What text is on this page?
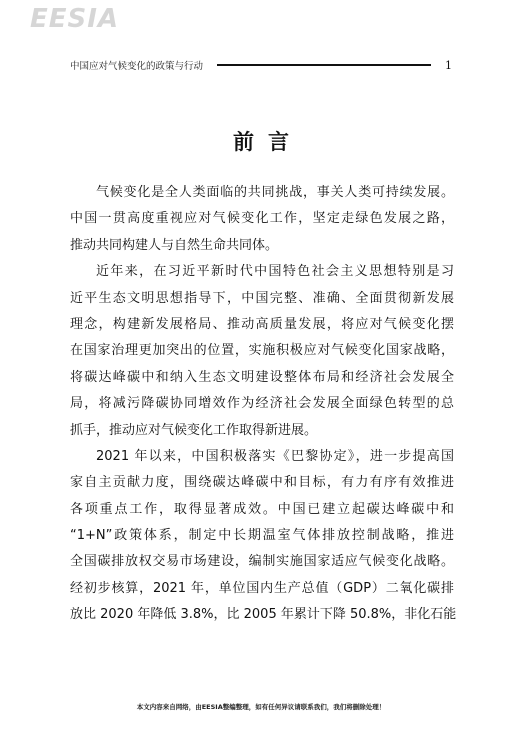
EESIA
中国应对气候变化的政策与行动	1
前言
气候变化是全人类面临的共同挑战，事关人类可持续发展。
中国一贯高度重视应对气候变化工作，坚定走绿色发展之路，
推动共同构建人与自然生命共同体。
近年来，在习近平新时代中国特色社会主义思想特别是习
近平生态文明思想指导下，中国完整、准确、全面贯彻新发展
理念，构建新发展格局、推动高质量发展，将应对气候变化摆
在国家治理更加突出的位置，实施积极应对气候变化国家战略，
将碳达峰碳中和纳入生态文明建设整体布局和经济社会发展全
局，将减污降碳协同增效作为经济社会发展全面绿色转型的总
抓手，推动应对气候变化工作取得新进展。
2021 年以来，中国积极落实《巴黎协定》，进一步提高国
家自主贡献力度，围绕碳达峰碳中和目标，有力有序有效推进
各项重点工作，取得显著成效。中国已建立起碳达峰碳中和
“1+N”政策体系，制定中长期温室气体排放控制战略，推进
全国碳排放权交易市场建设，编制实施国家适应气候变化战略。
经初步核算，2021 年，单位国内生产总值（GDP）二氧化碳排
放比 2020 年降低 3.8%，比 2005 年累计下降 50.8%，非化石能
本文内容来自网络，由EESIA整编整理，如有任何异议请联系我们，我们将删除处理！
